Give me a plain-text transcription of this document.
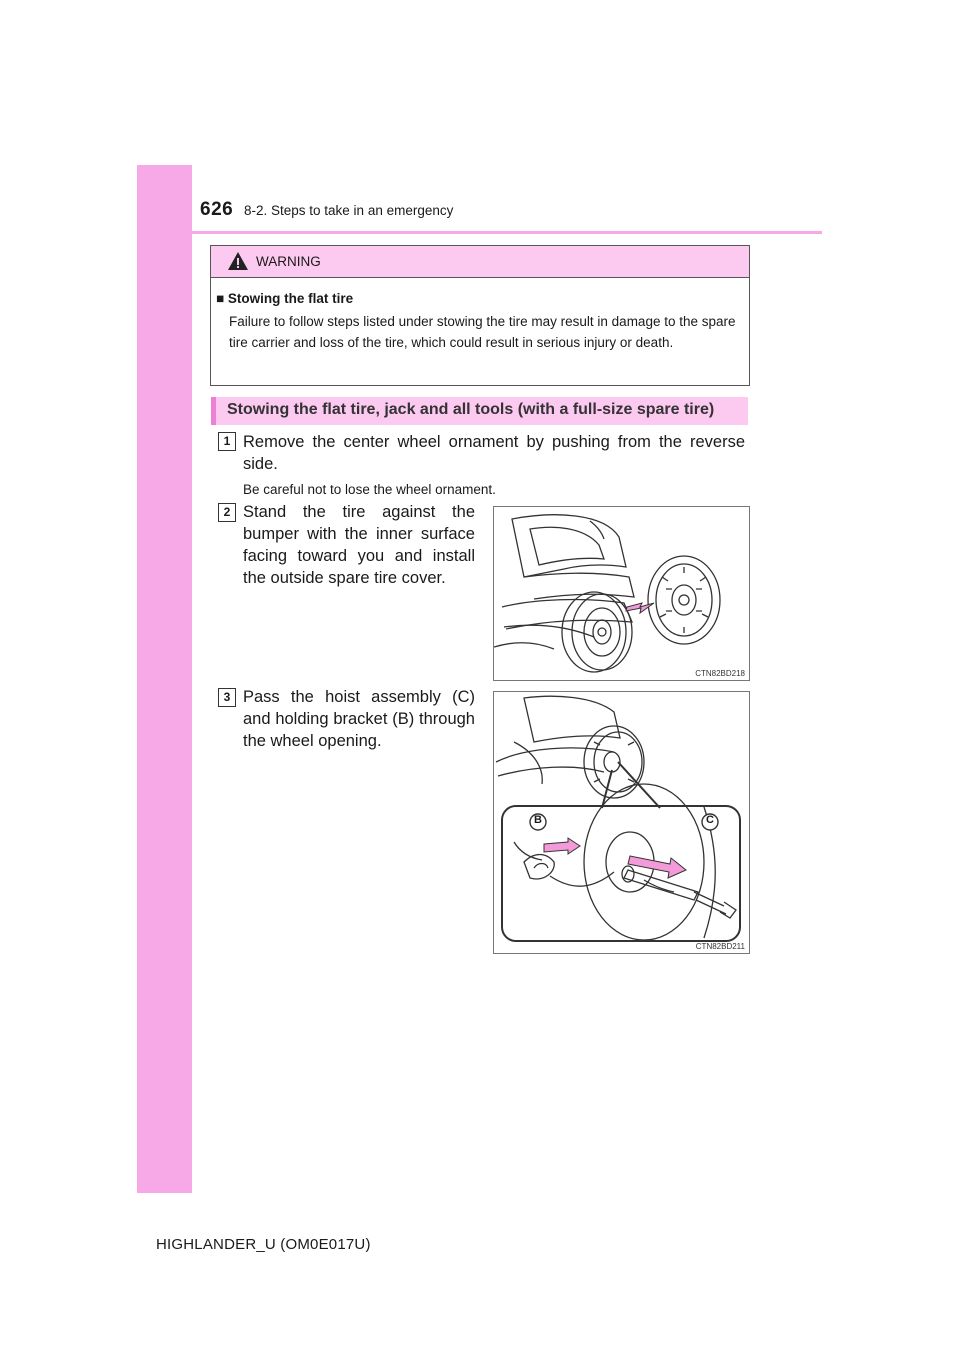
626 8-2. Steps to take in an emergency
WARNING
■ Stowing the flat tire
Failure to follow steps listed under stowing the tire may result in damage to the spare tire carrier and loss of the tire, which could result in serious injury or death.
Stowing the flat tire, jack and all tools (with a full-size spare tire)
1 Remove the center wheel ornament by pushing from the reverse side.
Be careful not to lose the wheel ornament.
2 Stand the tire against the bumper with the inner surface facing toward you and install the outside spare tire cover.
CTN82BD218
3 Pass the hoist assembly (C) and holding bracket (B) through the wheel opening.
B	C
CTN82BD211
HIGHLANDER_U (OM0E017U)
